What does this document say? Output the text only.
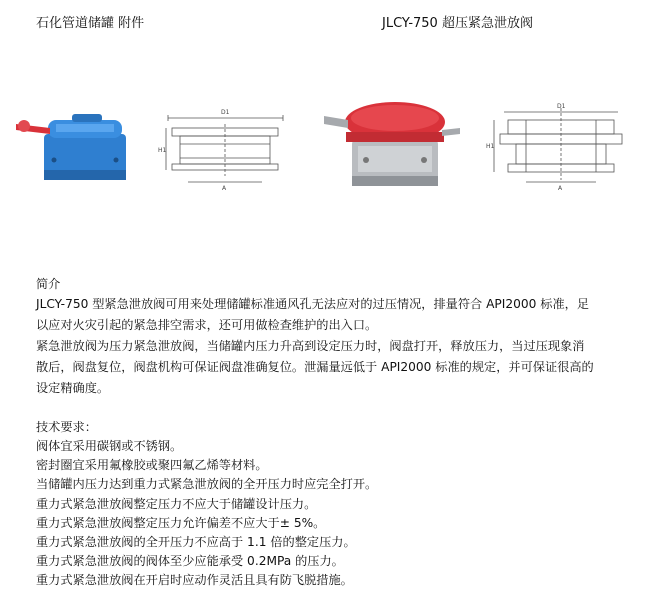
石化管道储罐 附件	JLCY-750 超压紧急泄放阀
D1
H1
A
D1
H1
A
简介
JLCY-750 型紧急泄放阀可用来处理储罐标准通风孔无法应对的过压情况，排量符合 API2000 标准，足以应对火灾引起的紧急排空需求，还可用做检查维护的出入口。
紧急泄放阀为压力紧急泄放阀，当储罐内压力升高到设定压力时，阀盘打开，释放压力，当过压现象消散后，阀盘复位，阀盘机构可保证阀盘准确复位。泄漏量远低于 API2000 标准的规定，并可保证很高的设定精确度。
技术要求：
阀体宜采用碳钢或不锈钢。
密封圈宜采用氟橡胶或聚四氟乙烯等材料。
当储罐内压力达到重力式紧急泄放阀的全开压力时应完全打开。
重力式紧急泄放阀整定压力不应大于储罐设计压力。
重力式紧急泄放阀整定压力允许偏差不应大于± 5%。
重力式紧急泄放阀的全开压力不应高于 1.1 倍的整定压力。
重力式紧急泄放阀的阀体至少应能承受 0.2MPa 的压力。
重力式紧急泄放阀在开启时应动作灵活且具有防飞脱措施。
